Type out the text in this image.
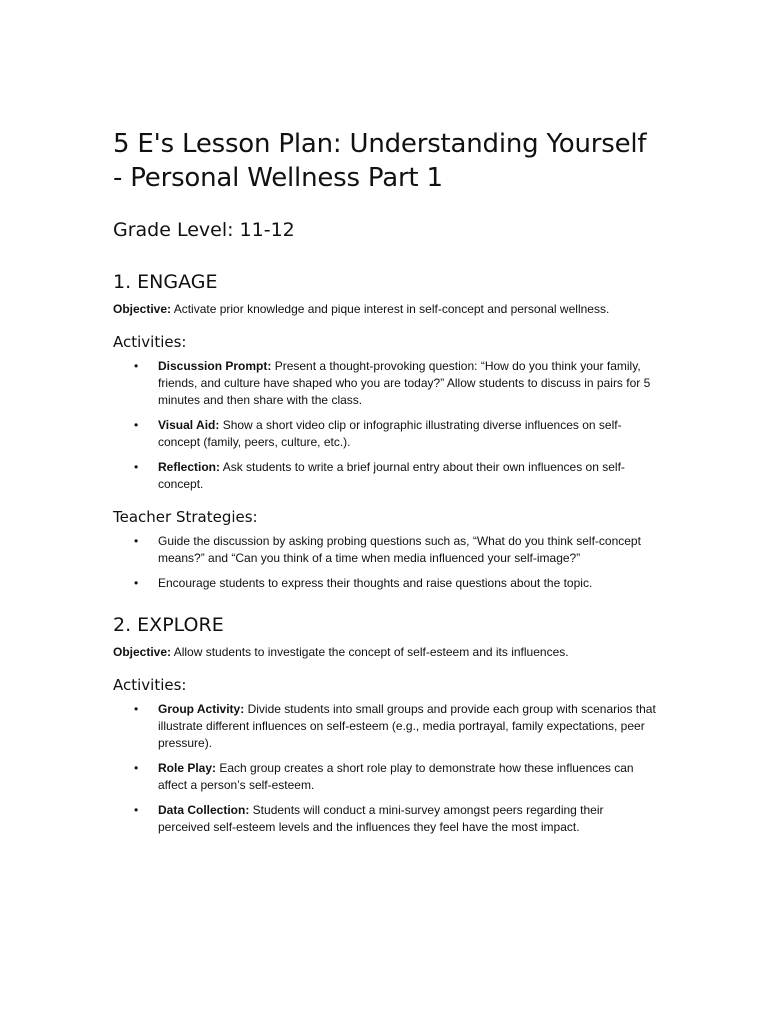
5 E's Lesson Plan: Understanding Yourself - Personal Wellness Part 1
Grade Level: 11-12
1. ENGAGE

Objective: Activate prior knowledge and pique interest in self-concept and personal wellness.

Activities:
• Discussion Prompt: Present a thought-provoking question: “How do you think your family, friends, and culture have shaped who you are today?” Allow students to discuss in pairs for 5 minutes and then share with the class.
• Visual Aid: Show a short video clip or infographic illustrating diverse influences on self-concept (family, peers, culture, etc.).
• Reflection: Ask students to write a brief journal entry about their own influences on self-concept.
Teacher Strategies:
• Guide the discussion by asking probing questions such as, “What do you think self-concept means?” and “Can you think of a time when media influenced your self-image?”
• Encourage students to express their thoughts and raise questions about the topic.
2. EXPLORE

Objective: Allow students to investigate the concept of self-esteem and its influences.

Activities:
• Group Activity: Divide students into small groups and provide each group with scenarios that illustrate different influences on self-esteem (e.g., media portrayal, family expectations, peer pressure).
• Role Play: Each group creates a short role play to demonstrate how these influences can affect a person’s self-esteem.
• Data Collection: Students will conduct a mini-survey amongst peers regarding their perceived self-esteem levels and the influences they feel have the most impact.
